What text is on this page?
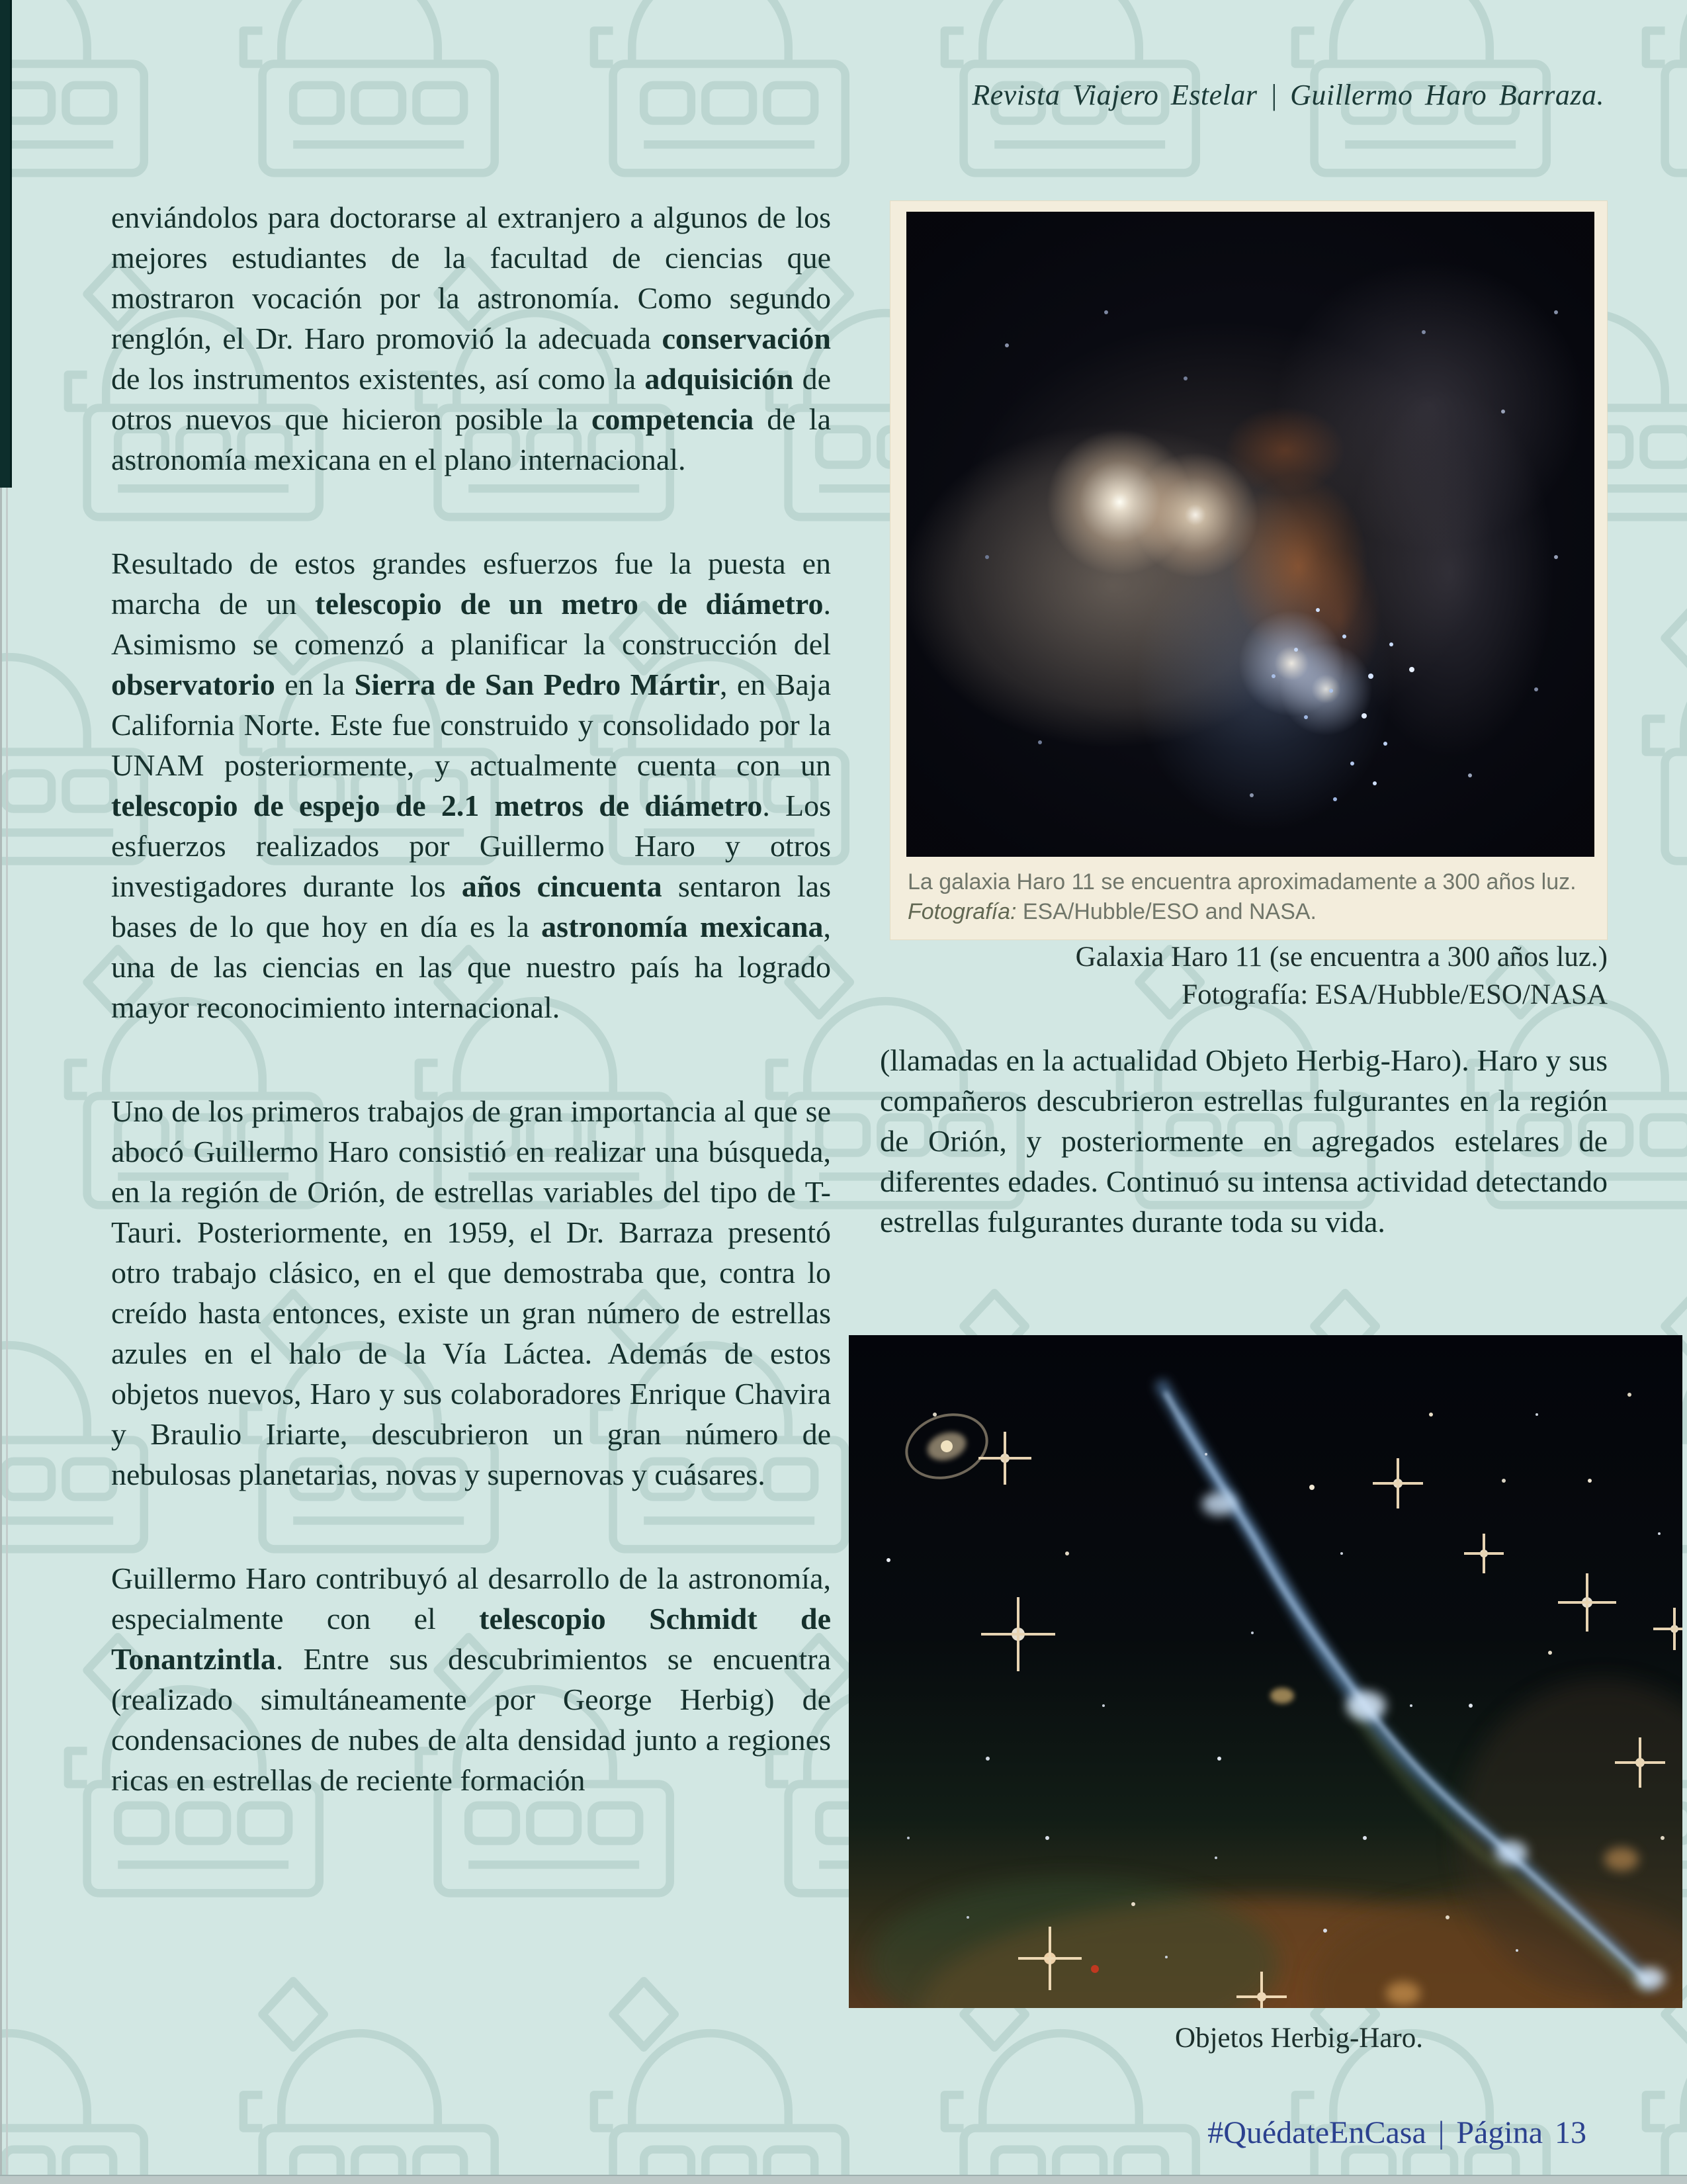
Revista Viajero Estelar | Guillermo Haro Barraza.

enviándolos para doctorarse al extranjero a algunos de los mejores estudiantes de la facultad de ciencias que mostraron vocación por la astronomía. Como segundo renglón, el Dr. Haro promovió la adecuada conservación de los instrumentos existentes, así como la adquisición de otros nuevos que hicieron posible la competencia de la astronomía mexicana en el plano internacional.

Resultado de estos grandes esfuerzos fue la puesta en marcha de un telescopio de un metro de diámetro. Asimismo se comenzó a planificar la construcción del observatorio en la Sierra de San Pedro Mártir, en Baja California Norte. Este fue construido y consolidado por la UNAM posteriormente, y actualmente cuenta con un telescopio de espejo de 2.1 metros de diámetro. Los esfuerzos realizados por Guillermo Haro y otros investigadores durante los años cincuenta sentaron las bases de lo que hoy en día es la astronomía mexicana, una de las ciencias en las que nuestro país ha logrado mayor reconocimiento internacional.

Uno de los primeros trabajos de gran importancia al que se abocó Guillermo Haro consistió en realizar una búsqueda, en la región de Orión, de estrellas variables del tipo de T-Tauri. Posteriormente, en 1959, el Dr. Barraza presentó otro trabajo clásico, en el que demostraba que, contra lo creído hasta entonces, existe un gran número de estrellas azules en el halo de la Vía Láctea. Además de estos objetos nuevos, Haro y sus colaboradores Enrique Chavira y Braulio Iriarte, descubrieron un gran número de nebulosas planetarias, novas y supernovas y cuásares.

Guillermo Haro contribuyó al desarrollo de la astronomía, especialmente con el telescopio Schmidt de Tonantzintla. Entre sus descubrimientos se encuentra (realizado simultáneamente por George Herbig) de condensaciones de nubes de alta densidad junto a regiones ricas en estrellas de reciente formación

La galaxia Haro 11 se encuentra aproximadamente a 300 años luz.
Fotografía: ESA/Hubble/ESO and NASA.
Galaxia Haro 11 (se encuentra a 300 años luz.)
Fotografía: ESA/Hubble/ESO/NASA

(llamadas en la actualidad Objeto Herbig-Haro). Haro y sus compañeros descubrieron estrellas fulgurantes en la región de Orión, y posteriormente en agregados estelares de diferentes edades. Continuó su intensa actividad detectando estrellas fulgurantes durante toda su vida.

Objetos Herbig-Haro.
#QuédateEnCasa | Página 13
